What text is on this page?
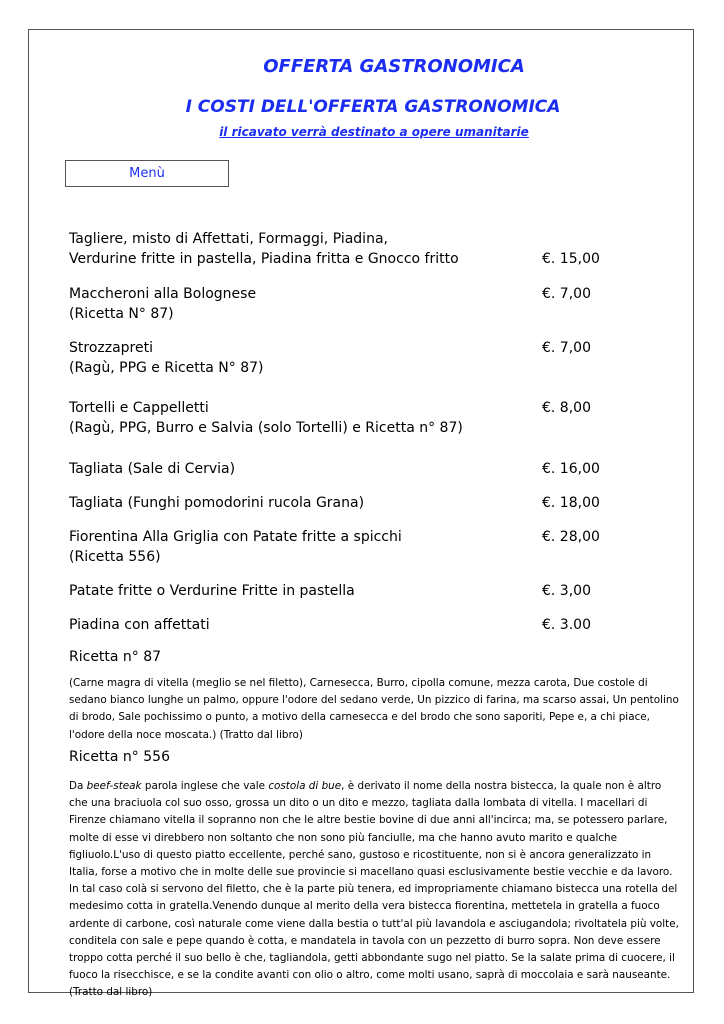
OFFERTA GASTRONOMICA
I COSTI DELL'OFFERTA GASTRONOMICA
il ricavato verrà destinato a opere umanitarie
Menù
Tagliere, misto di Affettati, Formaggi, Piadina,
Verdurine fritte in pastella, Piadina fritta e Gnocco fritto	€. 15,00
Maccheroni alla Bolognese
(Ricetta N° 87)
€. 7,00
Strozzapreti
(Ragù, PPG e Ricetta N° 87)
€. 7,00
Tortelli e Cappelletti
(Ragù, PPG, Burro e Salvia (solo Tortelli) e Ricetta n° 87)
€. 8,00
Tagliata (Sale di Cervia)	€. 16,00
Tagliata (Funghi pomodorini rucola Grana)	€. 18,00
Fiorentina Alla Griglia con Patate fritte a spicchi
(Ricetta 556)
€. 28,00
Patate fritte o Verdurine Fritte in pastella	€. 3,00
Piadina con affettati	€. 3.00
Ricetta n° 87
(Carne magra di vitella (meglio se nel filetto), Carnesecca, Burro, cipolla comune, mezza carota, Due costole di sedano bianco lunghe un palmo, oppure l'odore del sedano verde, Un pizzico di farina, ma scarso assai, Un pentolino di brodo, Sale pochissimo o punto, a motivo della carnesecca e del brodo che sono saporiti, Pepe e, a chi piace, l'odore della noce moscata.) (Tratto dal libro)
Ricetta n° 556
Da beef-steak parola inglese che vale costola di bue, è derivato il nome della nostra bistecca, la quale non è altro che una braciuola col suo osso, grossa un dito o un dito e mezzo, tagliata dalla lombata di vitella. I macellari di Firenze chiamano vitella il sopranno non che le altre bestie bovine di due anni all'incirca; ma, se potessero parlare, molte di esse vi direbbero non soltanto che non sono più fanciulle, ma che hanno avuto marito e qualche figliuolo.L'uso di questo piatto eccellente, perché sano, gustoso e ricostituente, non si è ancora generalizzato in Italia, forse a motivo che in molte delle sue provincie si macellano quasi esclusivamente bestie vecchie e da lavoro. In tal caso colà si servono del filetto, che è la parte più tenera, ed impropriamente chiamano bistecca una rotella del medesimo cotta in gratella.Venendo dunque al merito della vera bistecca fiorentina, mettetela in gratella a fuoco ardente di carbone, così naturale come viene dalla bestia o tutt'al più lavandola e asciugandola; rivoltatela più volte, conditela con sale e pepe quando è cotta, e mandatela in tavola con un pezzetto di burro sopra. Non deve essere troppo cotta perché il suo bello è che, tagliandola, getti abbondante sugo nel piatto. Se la salate prima di cuocere, il fuoco la risecchisce, e se la condite avanti con olio o altro, come molti usano, saprà di moccolaia e sarà nauseante. (Tratto dal libro)
